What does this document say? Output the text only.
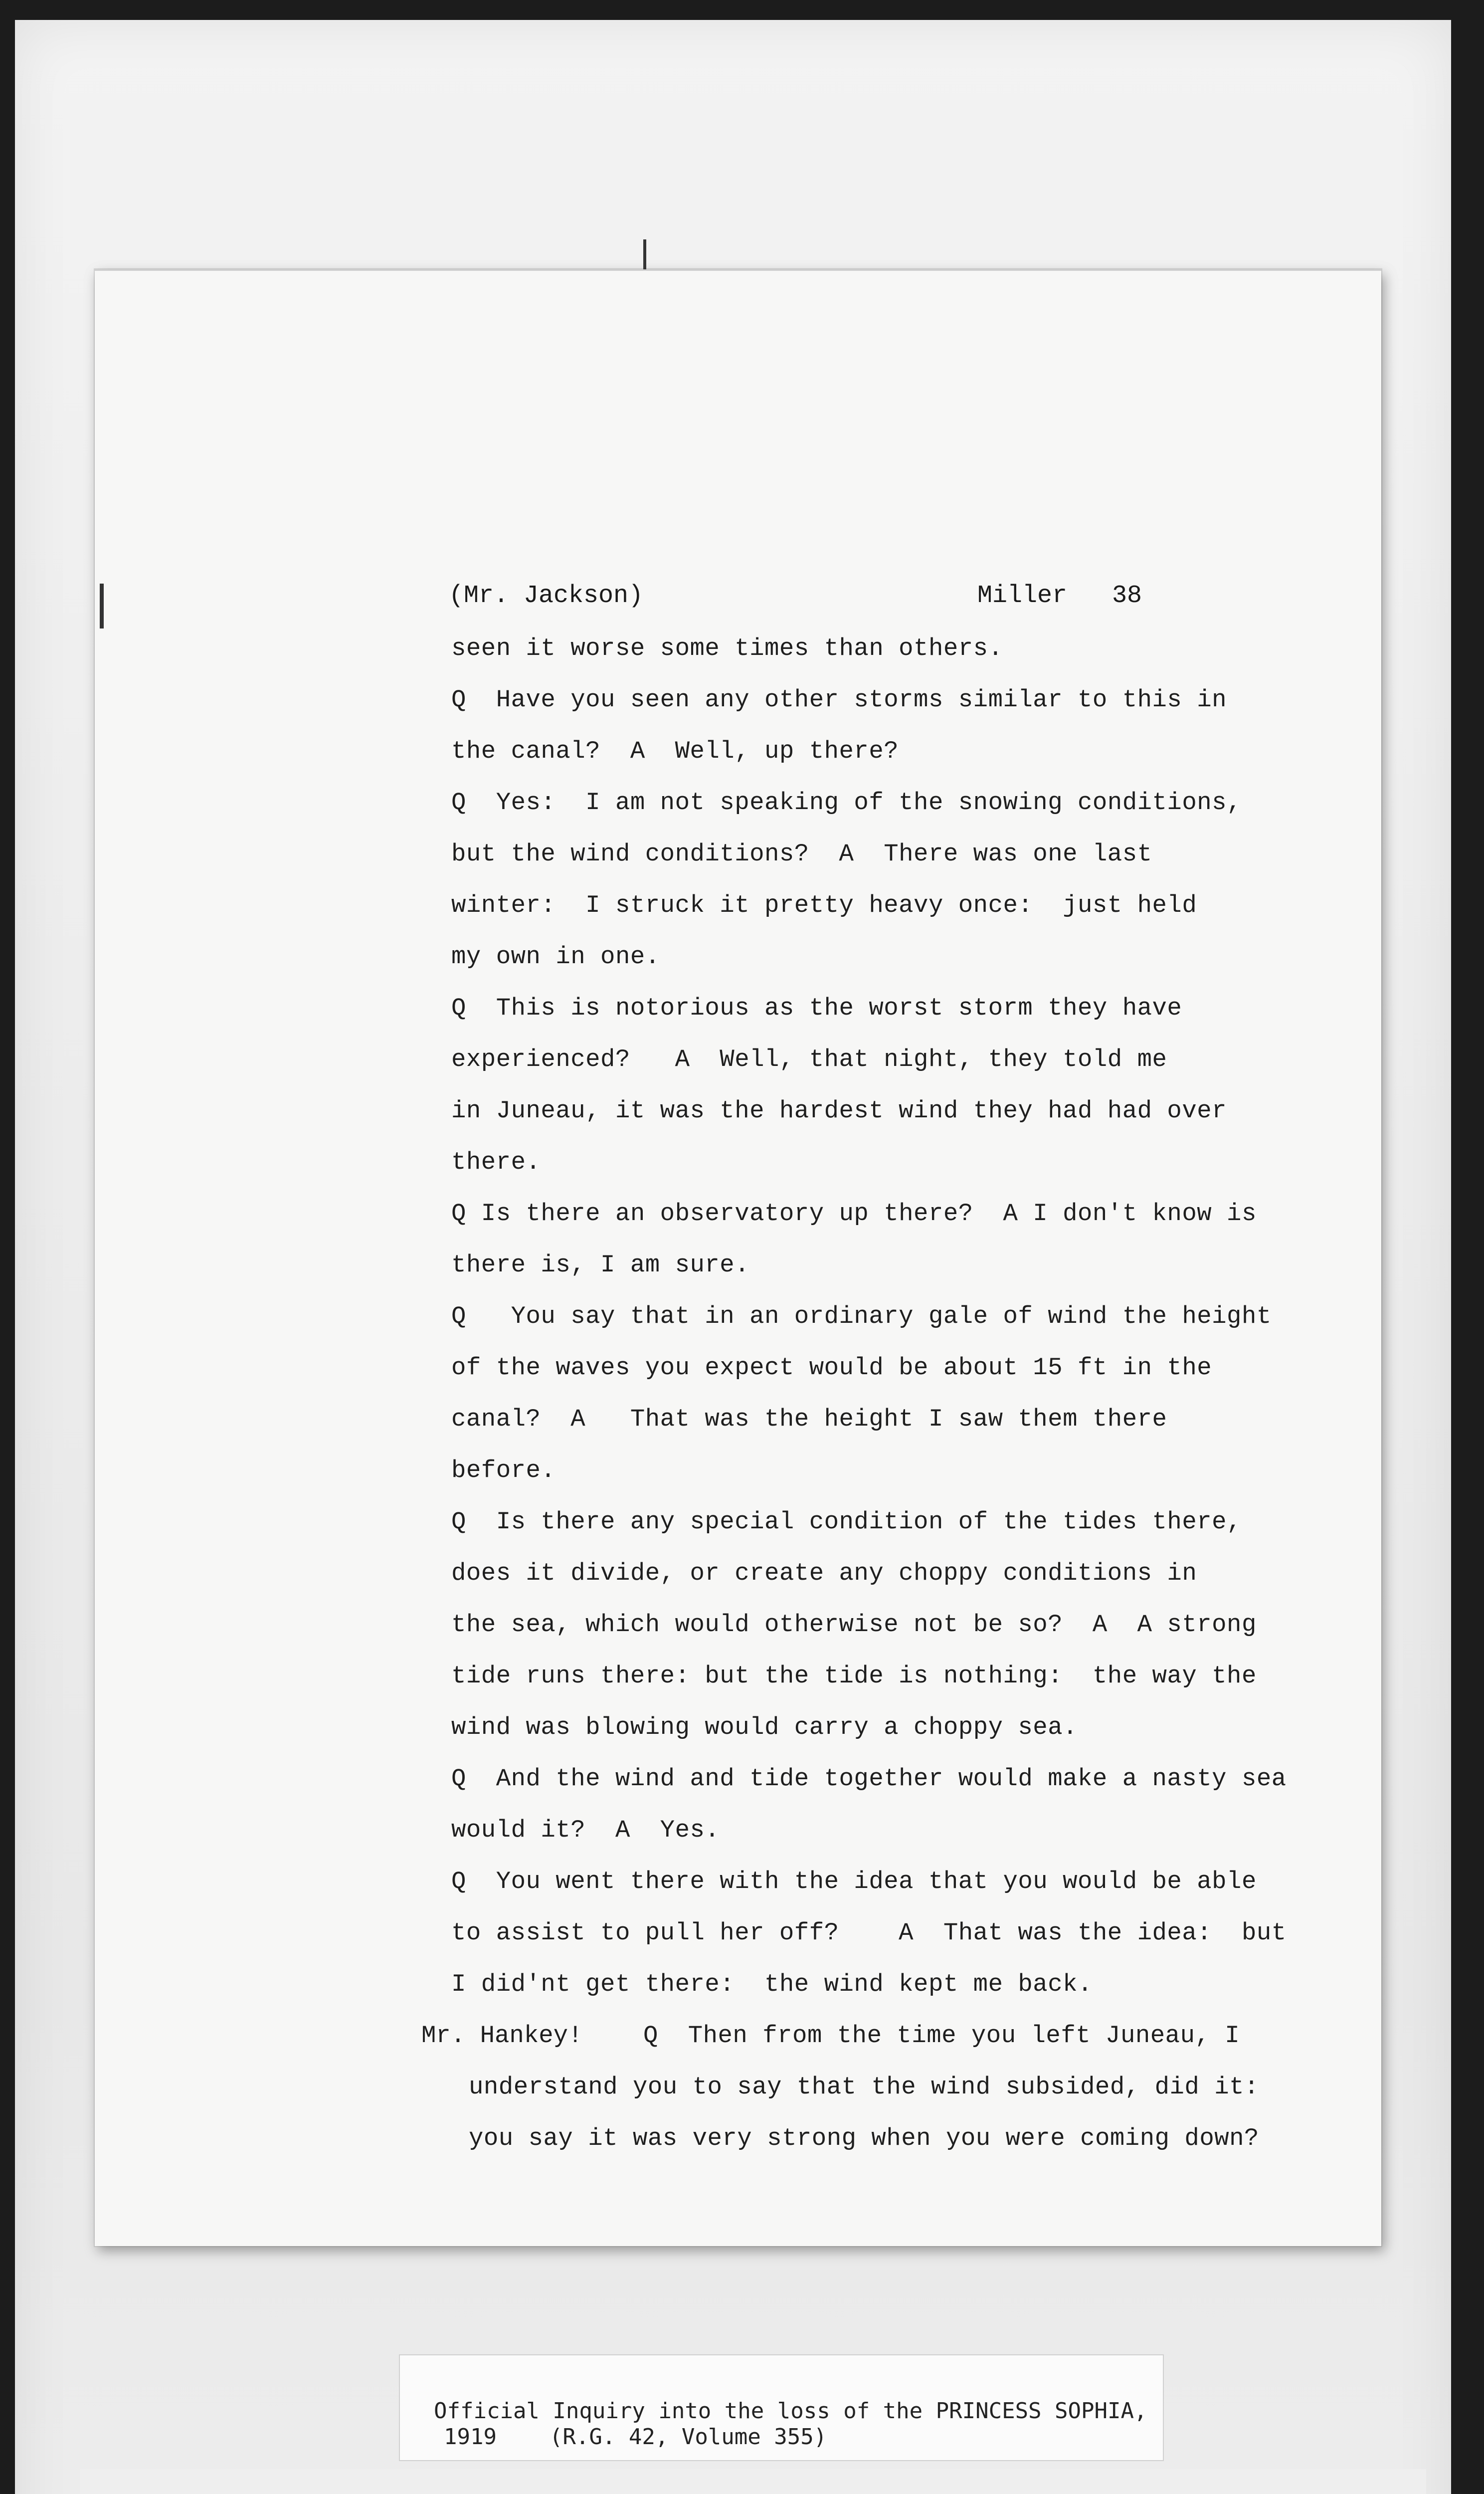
(Mr. Jackson)	Miller 38
seen it worse some times than others.
Q  Have you seen any other storms similar to this in
the canal?  A  Well, up there?
Q  Yes:  I am not speaking of the snowing conditions,
but the wind conditions?  A  There was one last
winter:  I struck it pretty heavy once:  just held
my own in one.
Q  This is notorious as the worst storm they have
experienced?   A  Well, that night, they told me
in Juneau, it was the hardest wind they had had over
there.
Q Is there an observatory up there?  A I don't know is
there is, I am sure.
Q   You say that in an ordinary gale of wind the height
of the waves you expect would be about 15 ft in the
canal?  A   That was the height I saw them there
before.
Q  Is there any special condition of the tides there,
does it divide, or create any choppy conditions in
the sea, which would otherwise not be so?  A  A strong
tide runs there: but the tide is nothing:  the way the
wind was blowing would carry a choppy sea.
Q  And the wind and tide together would make a nasty sea
would it?  A  Yes.
Q  You went there with the idea that you would be able
to assist to pull her off?    A  That was the idea:  but
I did'nt get there:  the wind kept me back.
Mr. Hankey! Q  Then from the time you left Juneau, I
understand you to say that the wind subsided, did it:
you say it was very strong when you were coming down?
Official Inquiry into the loss of the PRINCESS SOPHIA,
1919    (R.G. 42, Volume 355)
